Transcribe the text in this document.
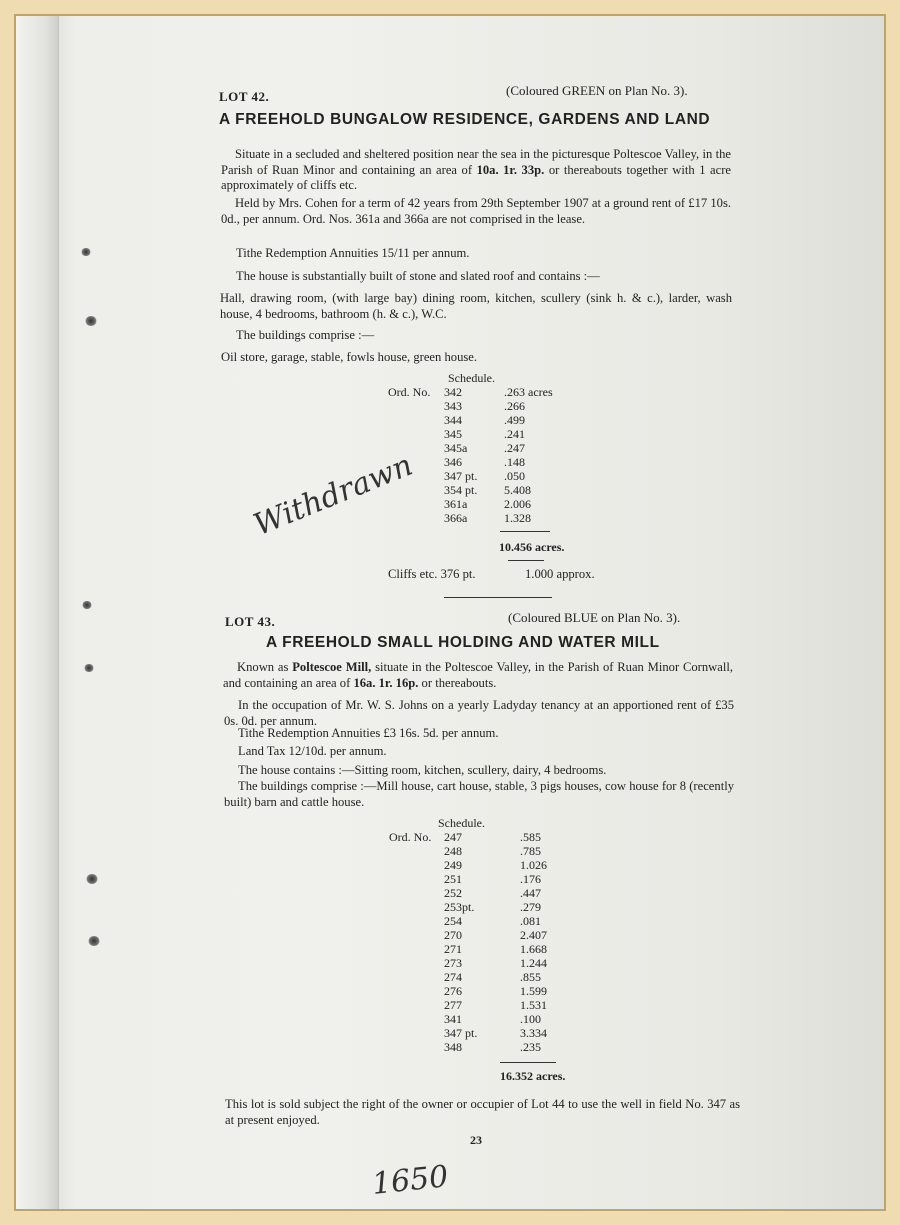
LOT 42.	(Coloured GREEN on Plan No. 3).
A FREEHOLD BUNGALOW RESIDENCE, GARDENS AND LAND
Situate in a secluded and sheltered position near the sea in the picturesque Poltescoe Valley, in the Parish of Ruan Minor and containing an area of 10a. 1r. 33p. or thereabouts together with 1 acre approximately of cliffs etc.
Held by Mrs. Cohen for a term of 42 years from 29th September 1907 at a ground rent of £17 10s. 0d., per annum. Ord. Nos. 361a and 366a are not comprised in the lease.
Tithe Redemption Annuities 15/11 per annum.
The house is substantially built of stone and slated roof and contains :—
Hall, drawing room, (with large bay) dining room, kitchen, scullery (sink h. & c.), larder, wash house, 4 bedrooms, bathroom (h. & c.), W.C.
The buildings comprise :—
Oil store, garage, stable, fowls house, green house.
Schedule.
Ord. No. 342	.263 acres
343	.266
344	.499
345	.241
345a	.247
346	.148
347 pt. .050
354 pt. 5.408
361a	2.006
366a	1.328
10.456 acres.
Cliffs etc. 376 pt.	1.000 approx.
Withdrawn
LOT 43.	(Coloured BLUE on Plan No. 3).
A FREEHOLD SMALL HOLDING AND WATER MILL
Known as Poltescoe Mill, situate in the Poltescoe Valley, in the Parish of Ruan Minor Cornwall, and containing an area of 16a. 1r. 16p. or thereabouts.
In the occupation of Mr. W. S. Johns on a yearly Ladyday tenancy at an apportioned rent of £35 0s. 0d. per annum.
Tithe Redemption Annuities £3 16s. 5d. per annum.
Land Tax 12/10d. per annum.
The house contains :—Sitting room, kitchen, scullery, dairy, 4 bedrooms.
The buildings comprise :—Mill house, cart house, stable, 3 pigs houses, cow house for 8 (recently built) barn and cattle house.
Schedule.
Ord. No. 247	.585
248	.785
249	1.026
251	.176
252	.447
253pt.	.279
254	.081
270	2.407
271	1.668
273	1.244
274	.855
276	1.599
277	1.531
341	.100
347 pt.	3.334
348	.235
16.352 acres.
This lot is sold subject the right of the owner or occupier of Lot 44 to use the well in field No. 347 as at present enjoyed.
23
1650
